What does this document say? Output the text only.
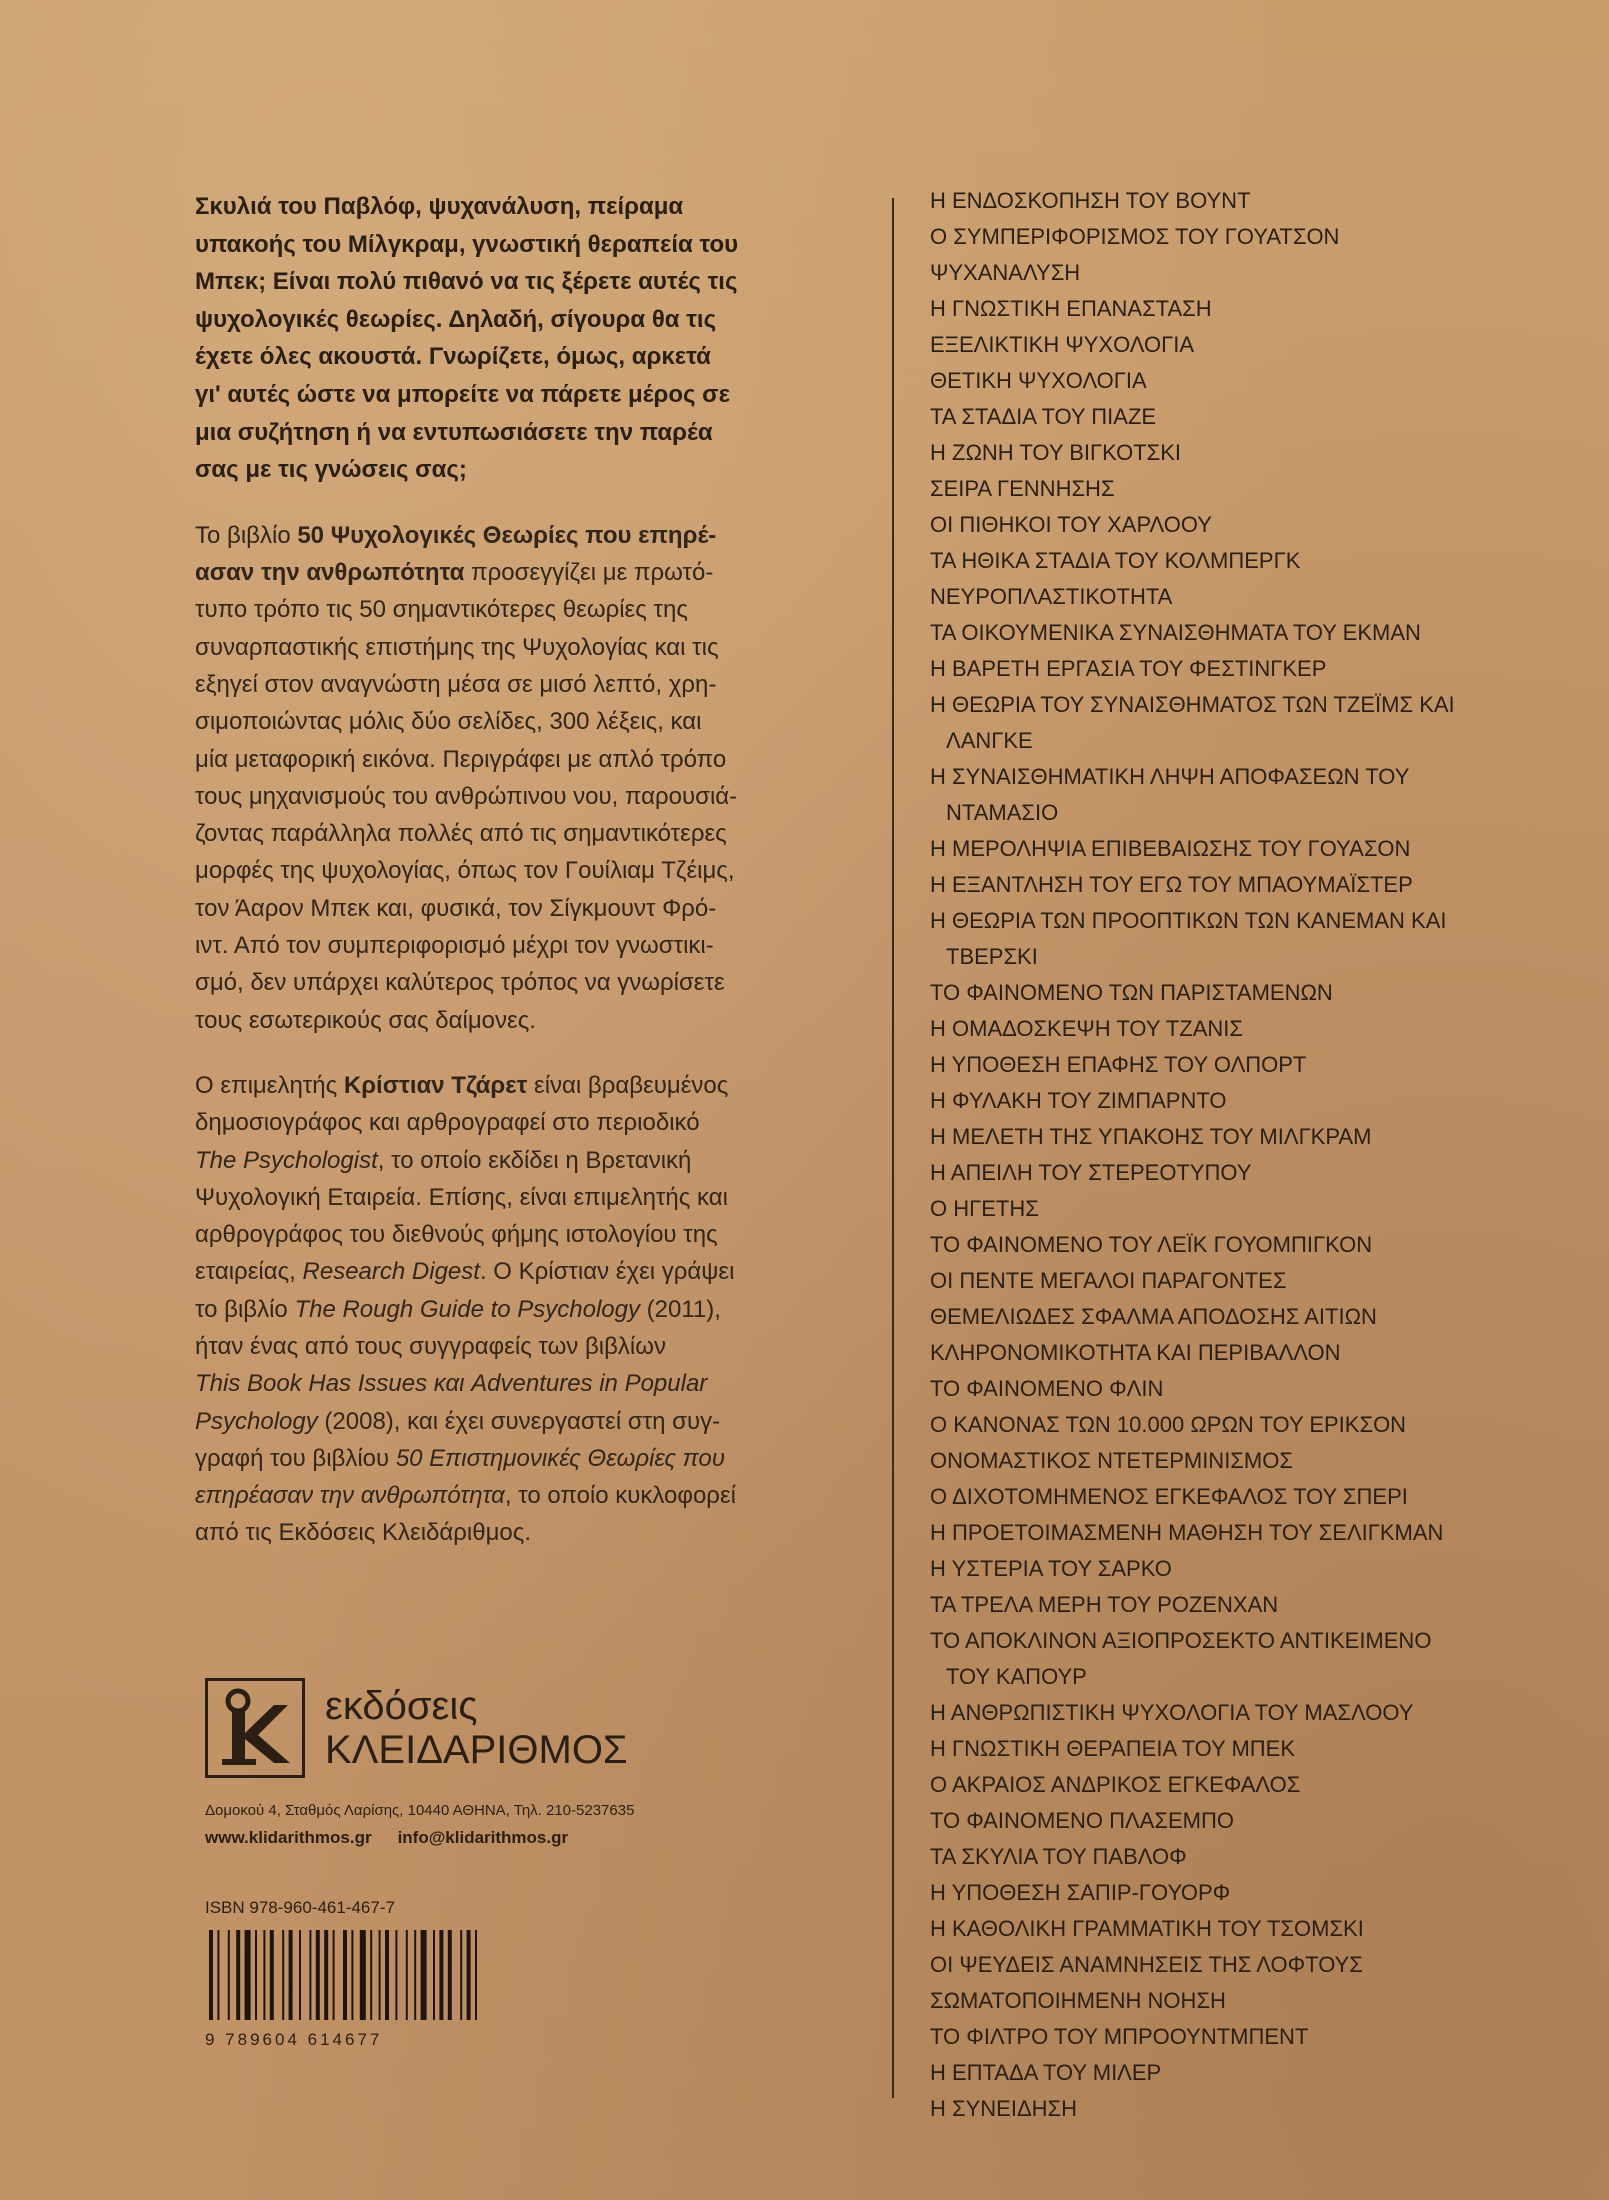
Σκυλιά του Παβλόφ, ψυχανάλυση, πείραμα
υπακοής του Μίλγκραμ, γνωστική θεραπεία του
Μπεκ; Είναι πολύ πιθανό να τις ξέρετε αυτές τις
ψυχολογικές θεωρίες. Δηλαδή, σίγουρα θα τις
έχετε όλες ακουστά. Γνωρίζετε, όμως, αρκετά
γι' αυτές ώστε να μπορείτε να πάρετε μέρος σε
μια συζήτηση ή να εντυπωσιάσετε την παρέα
σας με τις γνώσεις σας;

Το βιβλίο 50 Ψυχολογικές Θεωρίες που επηρέ-
ασαν την ανθρωπότητα προσεγγίζει με πρωτό-
τυπο τρόπο τις 50 σημαντικότερες θεωρίες της
συναρπαστικής επιστήμης της Ψυχολογίας και τις
εξηγεί στον αναγνώστη μέσα σε μισό λεπτό, χρη-
σιμοποιώντας μόλις δύο σελίδες, 300 λέξεις, και
μία μεταφορική εικόνα. Περιγράφει με απλό τρόπο
τους μηχανισμούς του ανθρώπινου νου, παρουσιά-
ζοντας παράλληλα πολλές από τις σημαντικότερες
μορφές της ψυχολογίας, όπως τον Γουίλιαμ Τζέιμς,
τον Άαρον Μπεκ και, φυσικά, τον Σίγκμουντ Φρό-
ιντ. Από τον συμπεριφορισμό μέχρι τον γνωστικι-
σμό, δεν υπάρχει καλύτερος τρόπος να γνωρίσετε
τους εσωτερικούς σας δαίμονες.

Ο επιμελητής Κρίστιαν Τζάρετ είναι βραβευμένος
δημοσιογράφος και αρθρογραφεί στο περιοδικό
The Psychologist, το οποίο εκδίδει η Βρετανική
Ψυχολογική Εταιρεία. Επίσης, είναι επιμελητής και
αρθρογράφος του διεθνούς φήμης ιστολογίου της
εταιρείας, Research Digest. Ο Κρίστιαν έχει γράψει
το βιβλίο The Rough Guide to Psychology (2011),
ήταν ένας από τους συγγραφείς των βιβλίων
This Book Has Issues και Adventures in Popular
Psychology (2008), και έχει συνεργαστεί στη συγ-
γραφή του βιβλίου 50 Επιστημονικές Θεωρίες που
επηρέασαν την ανθρωπότητα, το οποίο κυκλοφορεί
από τις Εκδόσεις Κλειδάριθμος.

εκδόσεις
ΚΛΕΙΔΑΡΙΘΜΟΣ
Δομοκού 4, Σταθμός Λαρίσης, 10440 ΑΘΗΝΑ, Τηλ. 210-5237635
www.klidarithmos.gr info@klidarithmos.gr
ISBN 978-960-461-467-7
9 789604 614677
Η ΕΝΔΟΣΚΟΠΗΣΗ ΤΟΥ ΒΟΥΝΤ
Ο ΣΥΜΠΕΡΙΦΟΡΙΣΜΟΣ ΤΟΥ ΓΟΥΑΤΣΟΝ
ΨΥΧΑΝΑΛΥΣΗ
Η ΓΝΩΣΤΙΚΗ ΕΠΑΝΑΣΤΑΣΗ
ΕΞΕΛΙΚΤΙΚΗ ΨΥΧΟΛΟΓΙΑ
ΘΕΤΙΚΗ ΨΥΧΟΛΟΓΙΑ
ΤΑ ΣΤΑΔΙΑ ΤΟΥ ΠΙΑΖΕ
Η ΖΩΝΗ ΤΟΥ ΒΙΓΚΟΤΣΚΙ
ΣΕΙΡΑ ΓΕΝΝΗΣΗΣ
ΟΙ ΠΙΘΗΚΟΙ ΤΟΥ ΧΑΡΛΟΟΥ
ΤΑ ΗΘΙΚΑ ΣΤΑΔΙΑ ΤΟΥ ΚΟΛΜΠΕΡΓΚ
ΝΕΥΡΟΠΛΑΣΤΙΚΟΤΗΤΑ
ΤΑ ΟΙΚΟΥΜΕΝΙΚΑ ΣΥΝΑΙΣΘΗΜΑΤΑ ΤΟΥ ΕΚΜΑΝ
Η ΒΑΡΕΤΗ ΕΡΓΑΣΙΑ ΤΟΥ ΦΕΣΤΙΝΓΚΕΡ
Η ΘΕΩΡΙΑ ΤΟΥ ΣΥΝΑΙΣΘΗΜΑΤΟΣ ΤΩΝ ΤΖΕΪΜΣ ΚΑΙ
ΛΑΝΓΚΕ
Η ΣΥΝΑΙΣΘΗΜΑΤΙΚΗ ΛΗΨΗ ΑΠΟΦΑΣΕΩΝ ΤΟΥ
ΝΤΑΜΑΣΙΟ
Η ΜΕΡΟΛΗΨΙΑ ΕΠΙΒΕΒΑΙΩΣΗΣ ΤΟΥ ΓΟΥΑΣΟΝ
Η ΕΞΑΝΤΛΗΣΗ ΤΟΥ ΕΓΩ ΤΟΥ ΜΠΑΟΥΜΑΪΣΤΕΡ
Η ΘΕΩΡΙΑ ΤΩΝ ΠΡΟΟΠΤΙΚΩΝ ΤΩΝ ΚΑΝΕΜΑΝ ΚΑΙ
ΤΒΕΡΣΚΙ
ΤΟ ΦΑΙΝΟΜΕΝΟ ΤΩΝ ΠΑΡΙΣΤΑΜΕΝΩΝ
Η ΟΜΑΔΟΣΚΕΨΗ ΤΟΥ ΤΖΑΝΙΣ
Η ΥΠΟΘΕΣΗ ΕΠΑΦΗΣ ΤΟΥ ΟΛΠΟΡΤ
Η ΦΥΛΑΚΗ ΤΟΥ ΖΙΜΠΑΡΝΤΟ
Η ΜΕΛΕΤΗ ΤΗΣ ΥΠΑΚΟΗΣ ΤΟΥ ΜΙΛΓΚΡΑΜ
Η ΑΠΕΙΛΗ ΤΟΥ ΣΤΕΡΕΟΤΥΠΟΥ
Ο ΗΓΕΤΗΣ
ΤΟ ΦΑΙΝΟΜΕΝΟ ΤΟΥ ΛΕΪΚ ΓΟΥΟΜΠΙΓΚΟΝ
ΟΙ ΠΕΝΤΕ ΜΕΓΑΛΟΙ ΠΑΡΑΓΟΝΤΕΣ
ΘΕΜΕΛΙΩΔΕΣ ΣΦΑΛΜΑ ΑΠΟΔΟΣΗΣ ΑΙΤΙΩΝ
ΚΛΗΡΟΝΟΜΙΚΟΤΗΤΑ ΚΑΙ ΠΕΡΙΒΑΛΛΟΝ
ΤΟ ΦΑΙΝΟΜΕΝΟ ΦΛΙΝ
Ο ΚΑΝΟΝΑΣ ΤΩΝ 10.000 ΩΡΩΝ ΤΟΥ ΕΡΙΚΣΟΝ
ΟΝΟΜΑΣΤΙΚΟΣ ΝΤΕΤΕΡΜΙΝΙΣΜΟΣ
Ο ΔΙΧΟΤΟΜΗΜΕΝΟΣ ΕΓΚΕΦΑΛΟΣ ΤΟΥ ΣΠΕΡΙ
Η ΠΡΟΕΤΟΙΜΑΣΜΕΝΗ ΜΑΘΗΣΗ ΤΟΥ ΣΕΛΙΓΚΜΑΝ
Η ΥΣΤΕΡΙΑ ΤΟΥ ΣΑΡΚΟ
ΤΑ ΤΡΕΛΑ ΜΕΡΗ ΤΟΥ ΡΟΖΕΝΧΑΝ
ΤΟ ΑΠΟΚΛΙΝΟΝ ΑΞΙΟΠΡΟΣΕΚΤΟ ΑΝΤΙΚΕΙΜΕΝΟ
ΤΟΥ ΚΑΠΟΥΡ
Η ΑΝΘΡΩΠΙΣΤΙΚΗ ΨΥΧΟΛΟΓΙΑ ΤΟΥ ΜΑΣΛΟΟΥ
Η ΓΝΩΣΤΙΚΗ ΘΕΡΑΠΕΙΑ ΤΟΥ ΜΠΕΚ
Ο ΑΚΡΑΙΟΣ ΑΝΔΡΙΚΟΣ ΕΓΚΕΦΑΛΟΣ
ΤΟ ΦΑΙΝΟΜΕΝΟ ΠΛΑΣΕΜΠΟ
ΤΑ ΣΚΥΛΙΑ ΤΟΥ ΠΑΒΛΟΦ
Η ΥΠΟΘΕΣΗ ΣΑΠΙΡ-ΓΟΥΟΡΦ
Η ΚΑΘΟΛΙΚΗ ΓΡΑΜΜΑΤΙΚΗ ΤΟΥ ΤΣΟΜΣΚΙ
ΟΙ ΨΕΥΔΕΙΣ ΑΝΑΜΝΗΣΕΙΣ ΤΗΣ ΛΟΦΤΟΥΣ
ΣΩΜΑΤΟΠΟΙΗΜΕΝΗ ΝΟΗΣΗ
ΤΟ ΦΙΛΤΡΟ ΤΟΥ ΜΠΡΟΟΥΝΤΜΠΕΝΤ
Η ΕΠΤΑΔΑ ΤΟΥ ΜΙΛΕΡ
Η ΣΥΝΕΙΔΗΣΗ
